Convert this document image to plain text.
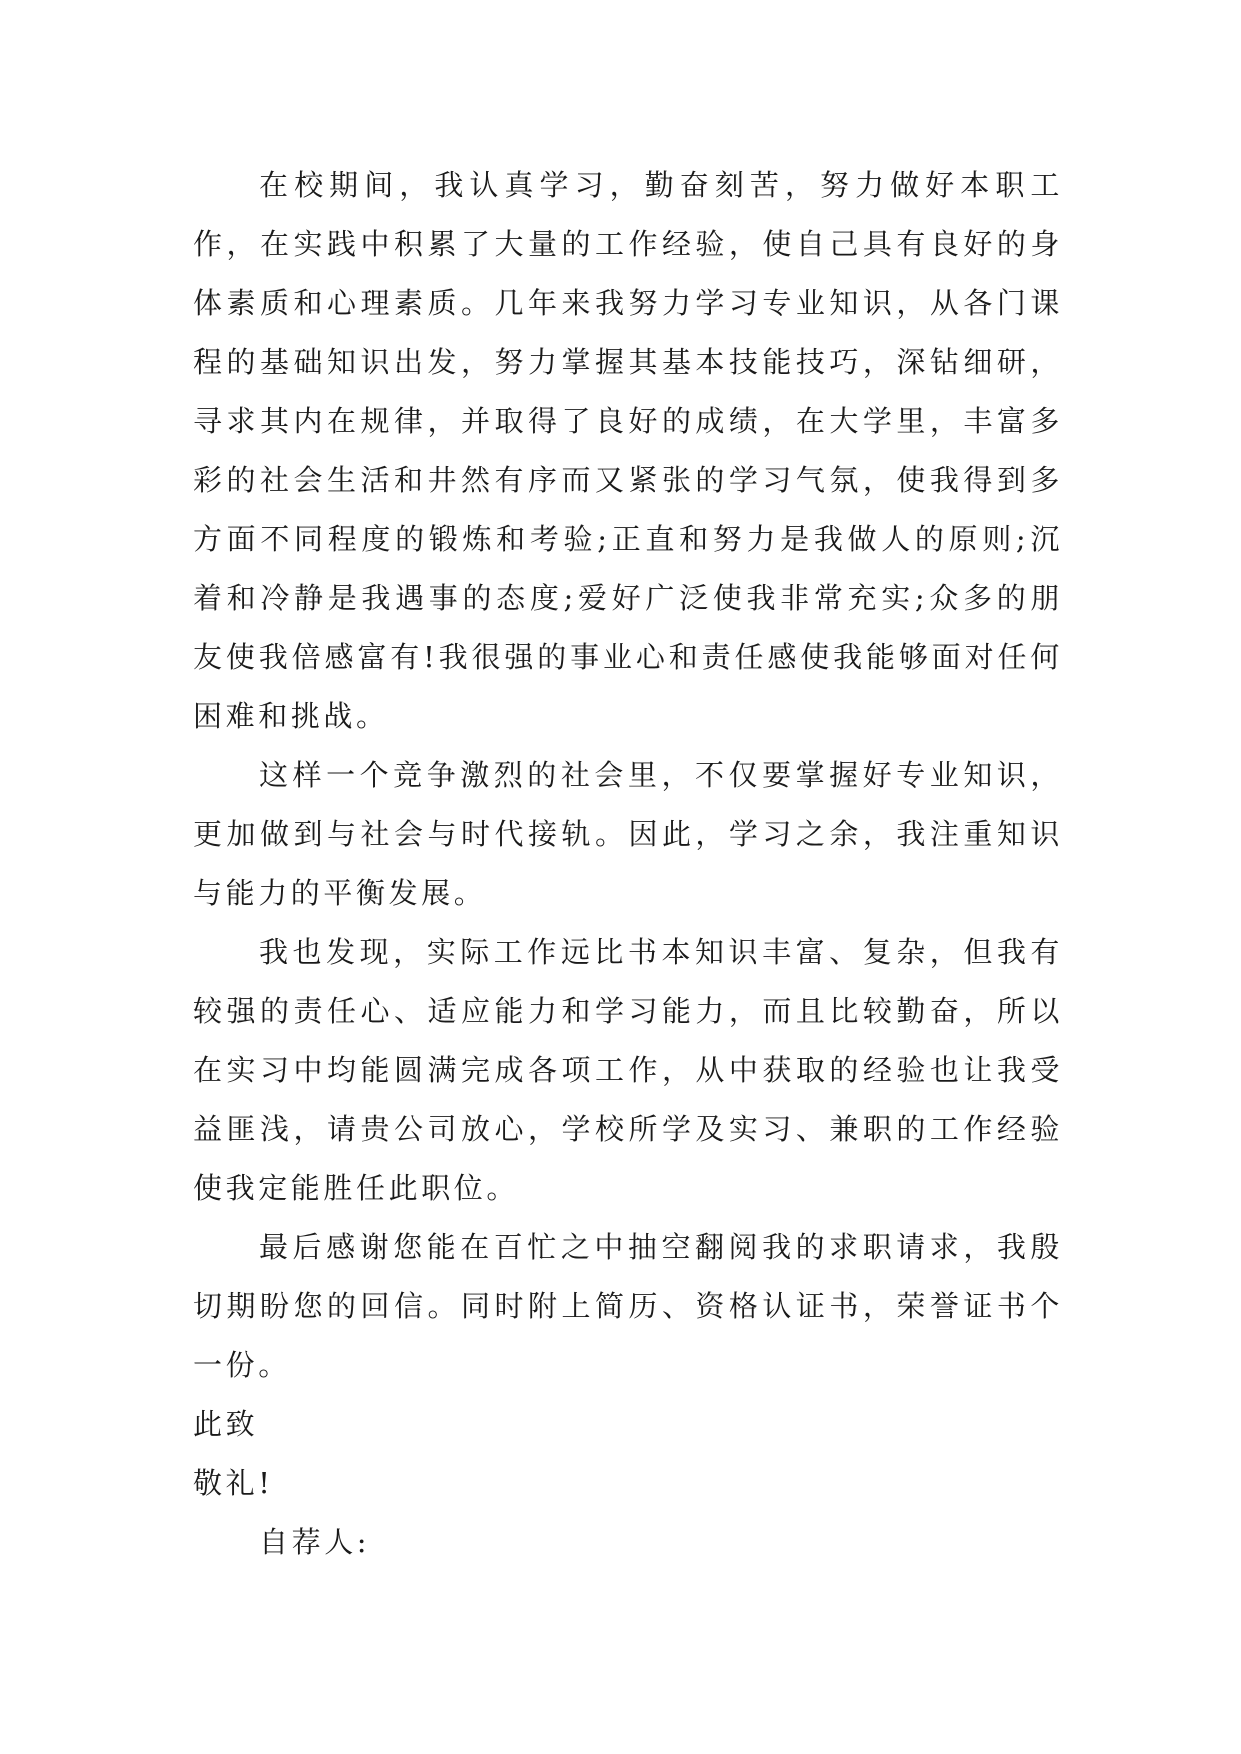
在校期间，我认真学习，勤奋刻苦，努力做好本职工作，在实践中积累了大量的工作经验，使自己具有良好的身体素质和心理素质。几年来我努力学习专业知识，从各门课程的基础知识出发，努力掌握其基本技能技巧，深钻细研，寻求其内在规律，并取得了良好的成绩，在大学里，丰富多彩的社会生活和井然有序而又紧张的学习气氛，使我得到多方面不同程度的锻炼和考验;正直和努力是我做人的原则;沉着和冷静是我遇事的态度;爱好广泛使我非常充实;众多的朋友使我倍感富有!我很强的事业心和责任感使我能够面对任何困难和挑战。

这样一个竞争激烈的社会里，不仅要掌握好专业知识，更加做到与社会与时代接轨。因此，学习之余，我注重知识与能力的平衡发展。

我也发现，实际工作远比书本知识丰富、复杂，但我有较强的责任心、适应能力和学习能力，而且比较勤奋，所以在实习中均能圆满完成各项工作，从中获取的经验也让我受益匪浅，请贵公司放心，学校所学及实习、兼职的工作经验使我定能胜任此职位。

最后感谢您能在百忙之中抽空翻阅我的求职请求，我殷切期盼您的回信。同时附上简历、资格认证书，荣誉证书个一份。

此致

敬礼!

自荐人:
